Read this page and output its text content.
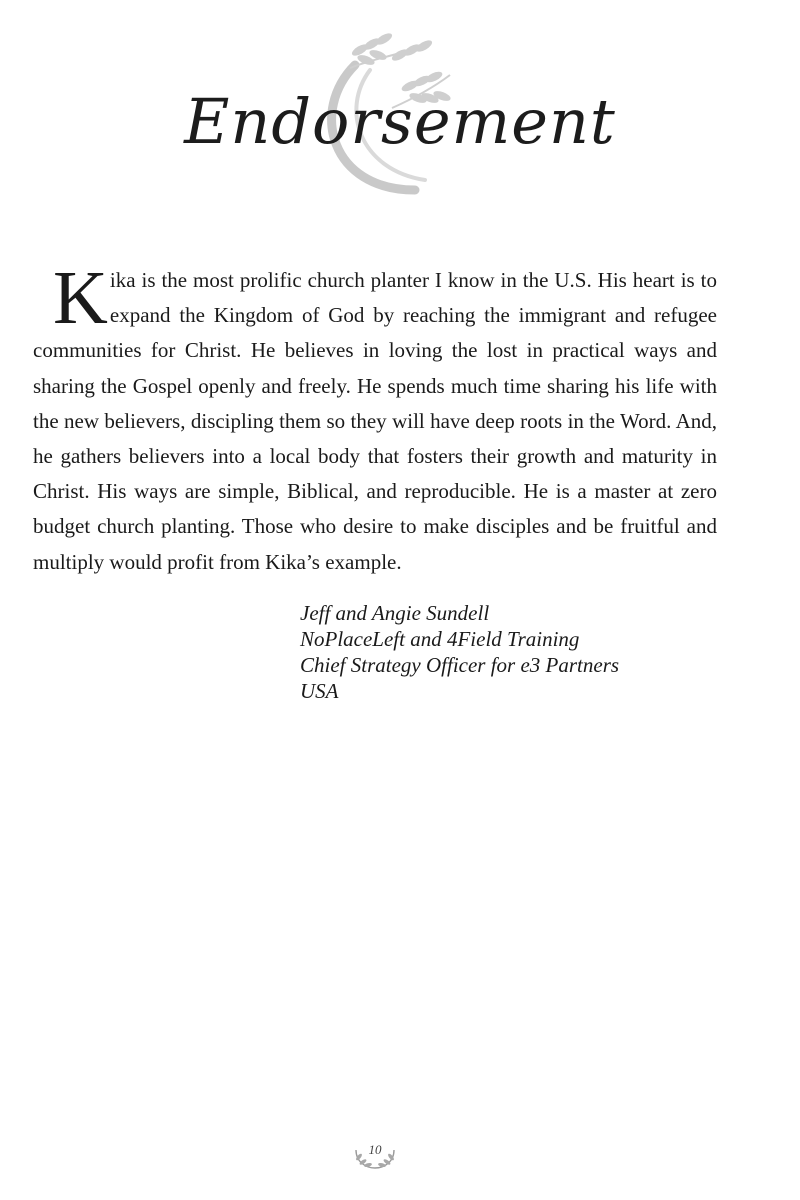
Endorsement

Kika is the most prolific church planter I know in the U.S. His heart is to expand the Kingdom of God by reaching the immigrant and refugee communities for Christ. He believes in loving the lost in practical ways and sharing the Gospel openly and freely. He spends much time sharing his life with the new believers, discipling them so they will have deep roots in the Word. And, he gathers believers into a local body that fosters their growth and maturity in Christ. His ways are simple, Biblical, and reproducible. He is a master at zero budget church planting. Those who desire to make disciples and be fruitful and multiply would profit from Kika’s example.

Jeff and Angie Sundell
NoPlaceLeft and 4Field Training
Chief Strategy Officer for e3 Partners
USA
10
